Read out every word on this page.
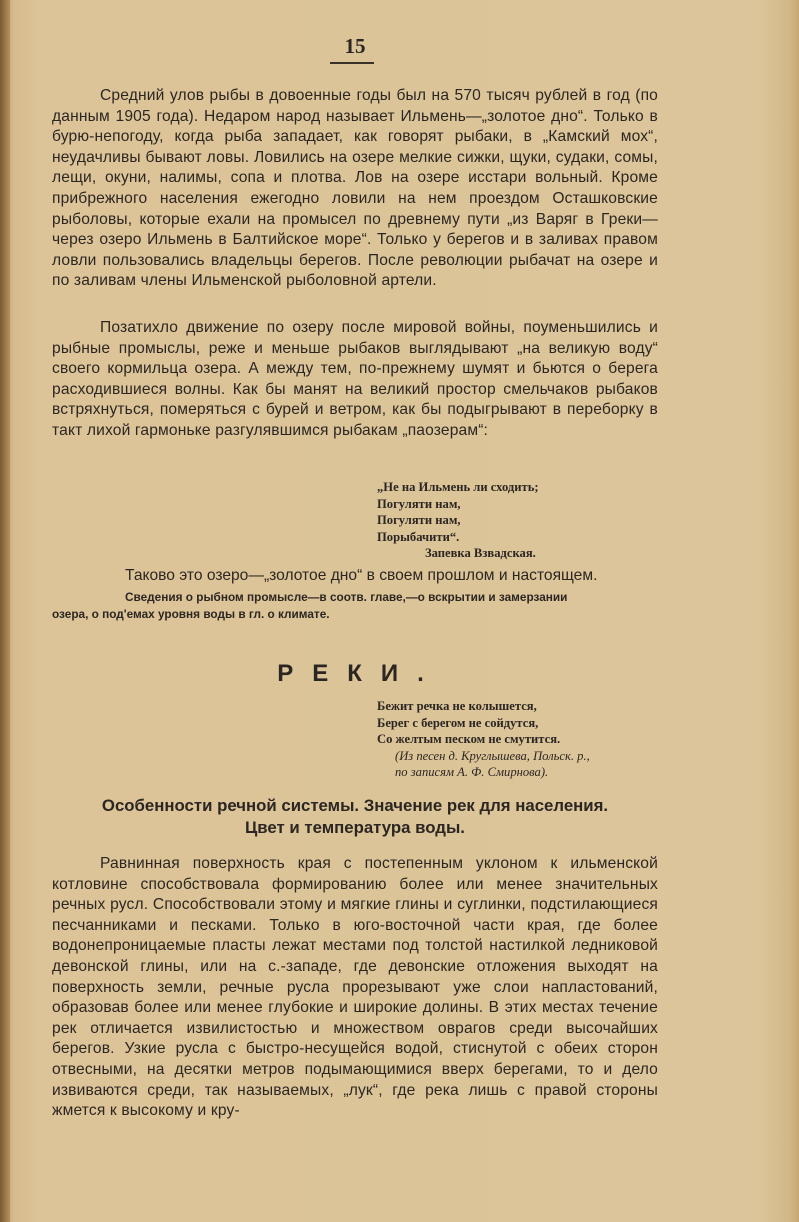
15

Средний улов рыбы в довоенные годы был на 570 тысяч рублей в год (по данным 1905 года). Недаром народ называет Ильмень—„золотое дно“. Только в бурю-непогоду, когда рыба западает, как говорят рыбаки, в „Камский мох“, неудачливы бывают ловы. Ловились на озере мелкие сижки, щуки, судаки, сомы, лещи, окуни, налимы, сопа и плотва. Лов на озере исстари вольный. Кроме прибрежного населения ежегодно ловили на нем проездом Осташковские рыболовы, которые ехали на промысел по древнему пути „из Варяг в Греки—через озеро Ильмень в Балтийское море“. Только у берегов и в заливах правом ловли пользовались владельцы берегов. После революции рыбачат на озере и по заливам члены Ильменской рыболовной артели.

Позатихло движение по озеру после мировой войны, поуменьшились и рыбные промыслы, реже и меньше рыбаков выглядывают „на великую воду“ своего кормильца озера. А между тем, по-прежнему шумят и бьются о берега расходившиеся волны. Как бы манят на великий простор смельчаков рыбаков встряхнуться, померяться с бурей и ветром, как бы подыгрывают в переборку в такт лихой гармоньке разгулявшимся рыбакам „паозерам“:

„Не на Ильмень ли сходить;
Погуляти нам,
Погуляти нам,
Порыбачити“.
Запевка Взвадская.
Таково это озеро—„золотое дно“ в своем прошлом и настоящем.
Сведения о рыбном промысле—в соотв. главе,—о вскрытии и замерзании
озера, о под'емах уровня воды в гл. о климате.
РЕКИ.
Бежит речка не колышется,
Берег с берегом не сойдутся,
Со желтым песком не смутится.
(Из песен д. Круглышева, Польск. р.,
по записям А. Ф. Смирнова).
Особенности речной системы. Значение рек для населения.
Цвет и температура воды.

Равнинная поверхность края с постепенным уклоном к ильменской котловине способствовала формированию более или менее значительных речных русл. Способствовали этому и мягкие глины и суглинки, подстилающиеся песчанниками и песками. Только в юго-восточной части края, где более водонепроницаемые пласты лежат местами под толстой настилкой ледниковой девонской глины, или на с.-западе, где девонские отложения выходят на поверхность земли, речные русла прорезывают уже слои напластований, образовав более или менее глубокие и широкие долины. В этих местах течение рек отличается извилистостью и множеством оврагов среди высочайших берегов. Узкие русла с быстро-несущейся водой, стиснутой с обеих сторон отвесными, на десятки метров подымающимися вверх берегами, то и дело извиваются среди, так называемых, „лук“, где река лишь с правой стороны жмется к высокому и кру-
